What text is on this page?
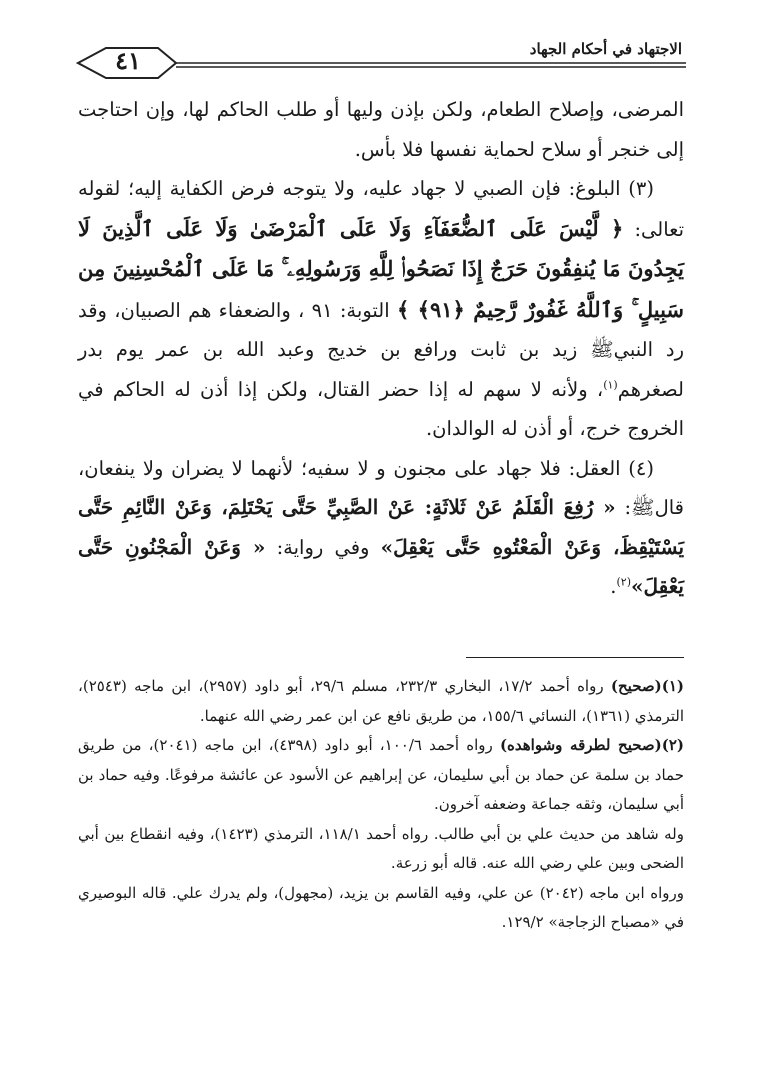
٤١	الاجتهاد في أحكام الجهاد

المرضى، وإصلاح الطعام، ولكن بإذن وليها أو طلب الحاكم لها، وإن احتاجت إلى خنجر أو سلاح لحماية نفسها فلا بأس.

(٣) البلوغ: فإن الصبي لا جهاد عليه، ولا يتوجه فرض الكفاية إليه؛ لقوله تعالى: ﴿ لَّيْسَ عَلَى ٱلضُّعَفَآءِ وَلَا عَلَى ٱلْمَرْضَىٰ وَلَا عَلَى ٱلَّذِينَ لَا يَجِدُونَ مَا يُنفِقُونَ حَرَجٌ إِذَا نَصَحُوا۟ لِلَّهِ وَرَسُولِهِۦ ۚ مَا عَلَى ٱلْمُحْسِنِينَ مِن سَبِيلٍ ۚ وَٱللَّهُ غَفُورٌ رَّحِيمٌ ﴿٩١﴾ ﴾ التوبة: ٩١ ، والضعفاء هم الصبيان، وقد رد النبيﷺ زيد بن ثابت ورافع بن خديج وعبد الله بن عمر يوم بدر لصغرهم$^{(١)}$، ولأنه لا سهم له إذا حضر القتال، ولكن إذا أذن له الحاكم في الخروج خرج، أو أذن له الوالدان.

(٤) العقل: فلا جهاد على مجنون و لا سفيه؛ لأنهما لا يضران ولا ينفعان، قالﷺ: « رُفِعَ الْقَلَمُ عَنْ ثَلاثَةٍ: عَنْ الصَّبِيِّ حَتَّى يَحْتَلِمَ، وَعَنْ النَّائِمِ حَتَّى يَسْتَيْقِظَ، وَعَنْ الْمَعْتُوهِ حَتَّى يَعْقِلَ» وفي رواية: « وَعَنْ الْمَجْنُونِ حَتَّى يَعْقِلَ»$^{(٢)}$.

(١)(صحيح) رواه أحمد ١٧/٢، البخاري ٢٣٢/٣، مسلم ٢٩/٦، أبو داود (٢٩٥٧)، ابن ماجه (٢٥٤٣)، الترمذي (١٣٦١)، النسائي ١٥٥/٦، من طريق نافع عن ابن عمر رضي الله عنهما.

(٢)(صحيح لطرقه وشواهده) رواه أحمد ١٠٠/٦، أبو داود (٤٣٩٨)، ابن ماجه (٢٠٤١)، من طريق حماد بن سلمة عن حماد بن أبي سليمان، عن إبراهيم عن الأسود عن عائشة مرفوعًا. وفيه حماد بن أبي سليمان، وثقه جماعة وضعفه آخرون.

وله شاهد من حديث علي بن أبي طالب. رواه أحمد ١١٨/١، الترمذي (١٤٢٣)، وفيه انقطاع بين أبي الضحى وبين علي رضي الله عنه. قاله أبو زرعة.

ورواه ابن ماجه (٢٠٤٢) عن علي، وفيه القاسم بن يزيد، (مجهول)، ولم يدرك علي. قاله البوصيري في «مصباح الزجاجة» ١٢٩/٢.
